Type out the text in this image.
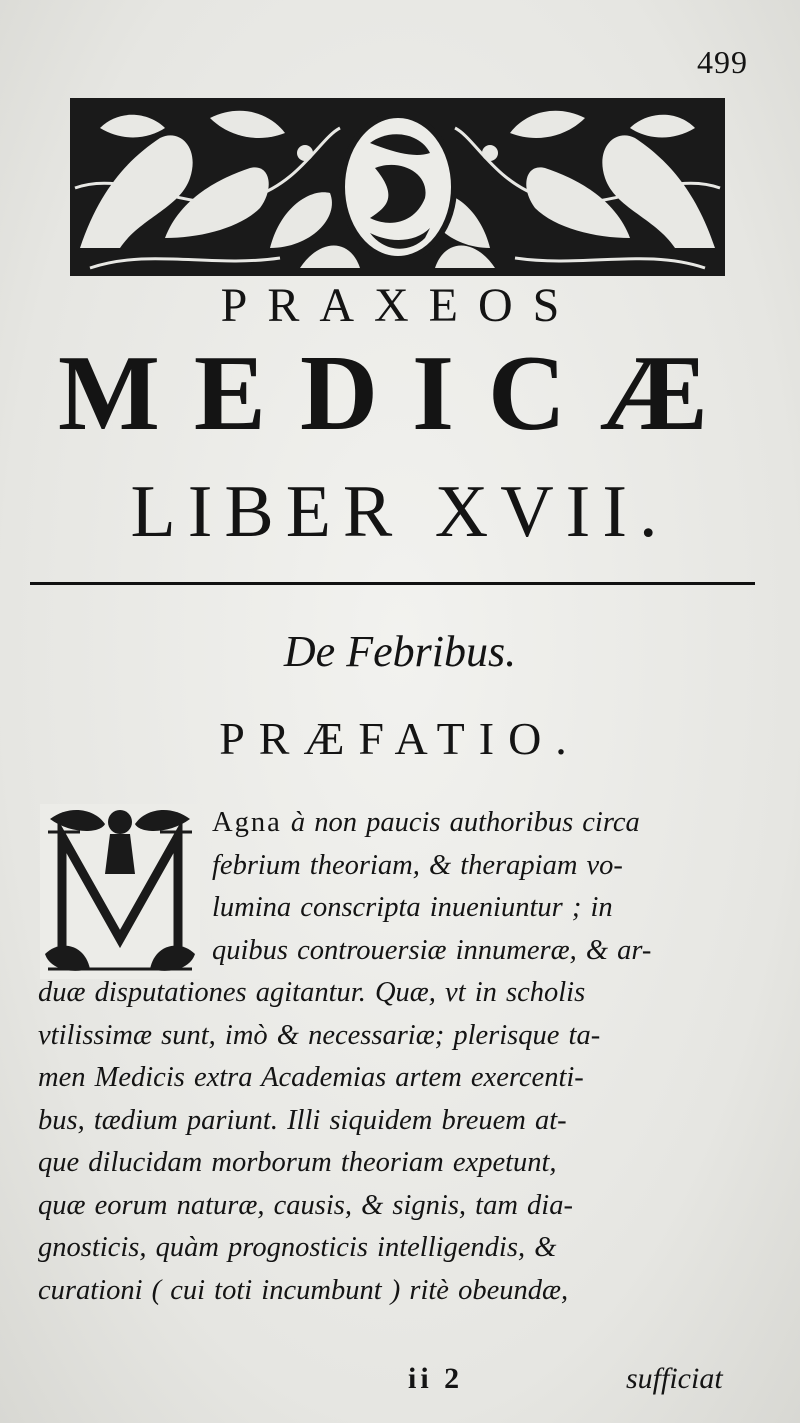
499
PRAXEOS
MEDICÆ
LIBER XVII.
De Febribus.
PRÆFATIO.
Agna à non paucis authoribus circa
febrium theoriam, & therapiam vo-
lumina conscripta inueniuntur ; in
quibus controuersiæ innumeræ, & ar-
duæ disputationes agitantur. Quæ, vt in scholis
vtilissimæ sunt, imò & necessariæ; plerisque ta-
men Medicis extra Academias artem exercenti-
bus, tædium pariunt. Illi siquidem breuem at-
que dilucidam morborum theoriam expetunt,
quæ eorum naturæ, causis, & signis, tam dia-
gnosticis, quàm prognosticis intelligendis, &
curationi ( cui toti incumbunt ) ritè obeundæ,
ii 2	sufficiat
